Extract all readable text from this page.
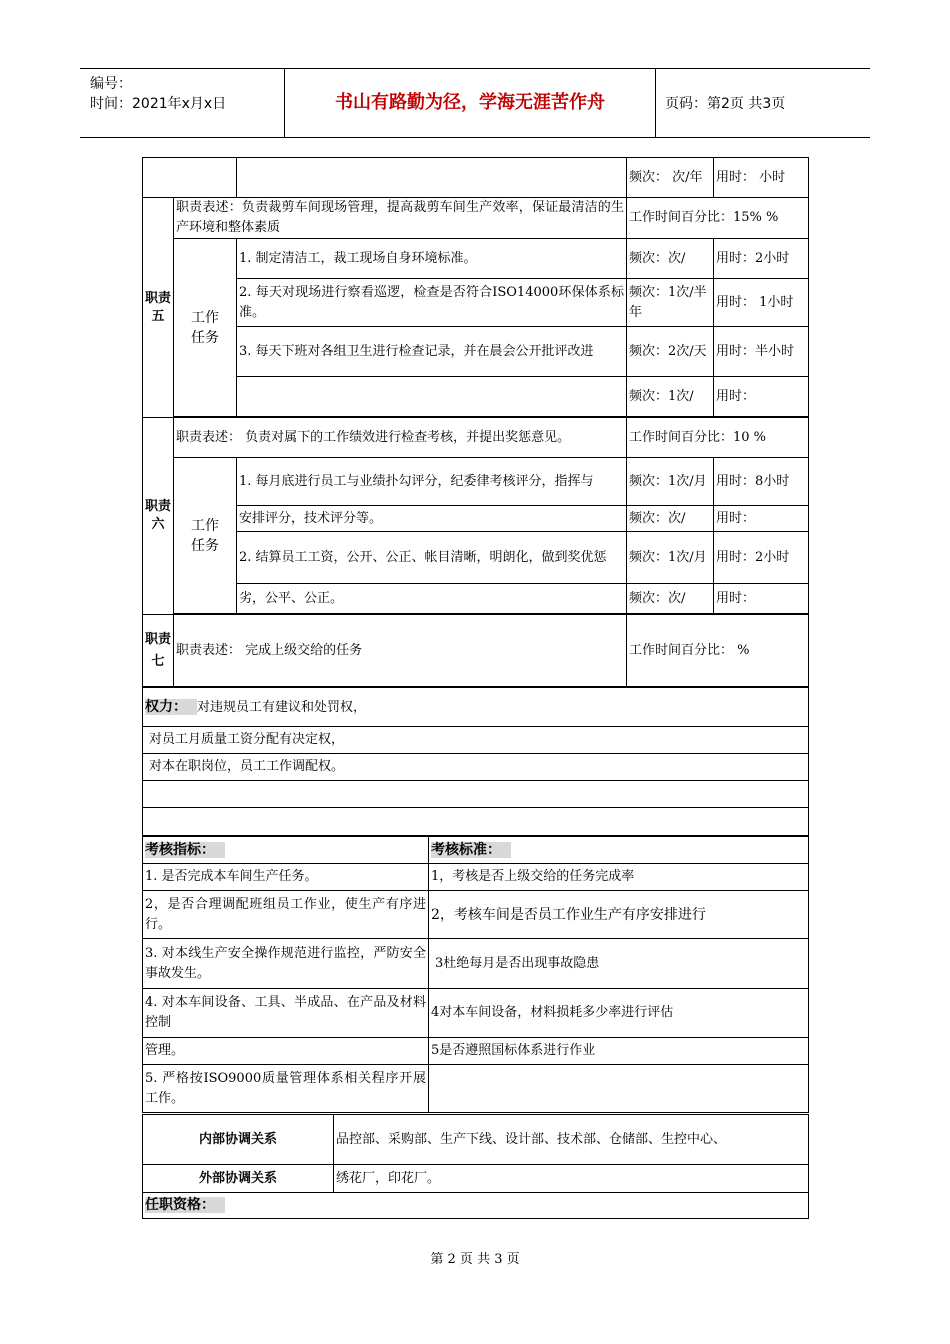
编号：
时间：2021年x月x日	书山有路勤为径，学海无涯苦作舟	页码：第2页 共3页
			频次： 次/年	用时： 小时
职责五	职责表述：负责裁剪车间现场管理，提高裁剪车间生产效率，保证最清洁的生产环境和整体素质		工作时间百分比：15% %	
	工作任务	1. 制定清洁工，裁工现场自身环境标准。	频次：次/	用时：2小时
		2. 每天对现场进行察看巡逻，检查是否符合ISO14000环保体系标准。	频次：1次/半年	用时： 1小时
		3. 每天下班对各组卫生进行检查记录，并在晨会公开批评改进	频次：2次/天	用时：半小时
			频次：1次/	用时：

职责六	职责表述： 负责对属下的工作绩效进行检查考核，并提出奖惩意见。		工作时间百分比：10 %	
	工作任务	1. 每月底进行员工与业绩扑勾评分，纪委律考核评分，指挥与	频次：1次/月	用时：8小时
		安排评分，技术评分等。	频次：次/	用时：
		2. 结算员工工资，公开、公正、帐目清晰，明朗化，做到奖优惩	频次：1次/月	用时：2小时
		劣，公平、公正。	频次：次/	用时：

职责七	职责表述： 完成上级交给的任务		工作时间百分比： %	
权力： 对违规员工有建议和处罚权，
对员工月质量工资分配有决定权，
对本在职岗位，员工工作调配权。

考核指标：	考核标准：
1. 是否完成本车间生产任务。	1，考核是否上级交给的任务完成率
2，是否合理调配班组员工作业，使生产有序进行。	2，考核车间是否员工作业生产有序安排进行
3. 对本线生产安全操作规范进行监控，严防安全事故发生。	3杜绝每月是否出现事故隐患
4. 对本车间设备、工具、半成品、在产品及材料控制	4对本车间设备，材料损耗多少率进行评估
管理。	5是否遵照国标体系进行作业
5. 严格按ISO9000质量管理体系相关程序开展工作。	
内部协调关系	品控部、采购部、生产下线、设计部、技术部、仓储部、生控中心、
外部协调关系	绣花厂，印花厂。
任职资格：	
第 2 页 共 3 页
